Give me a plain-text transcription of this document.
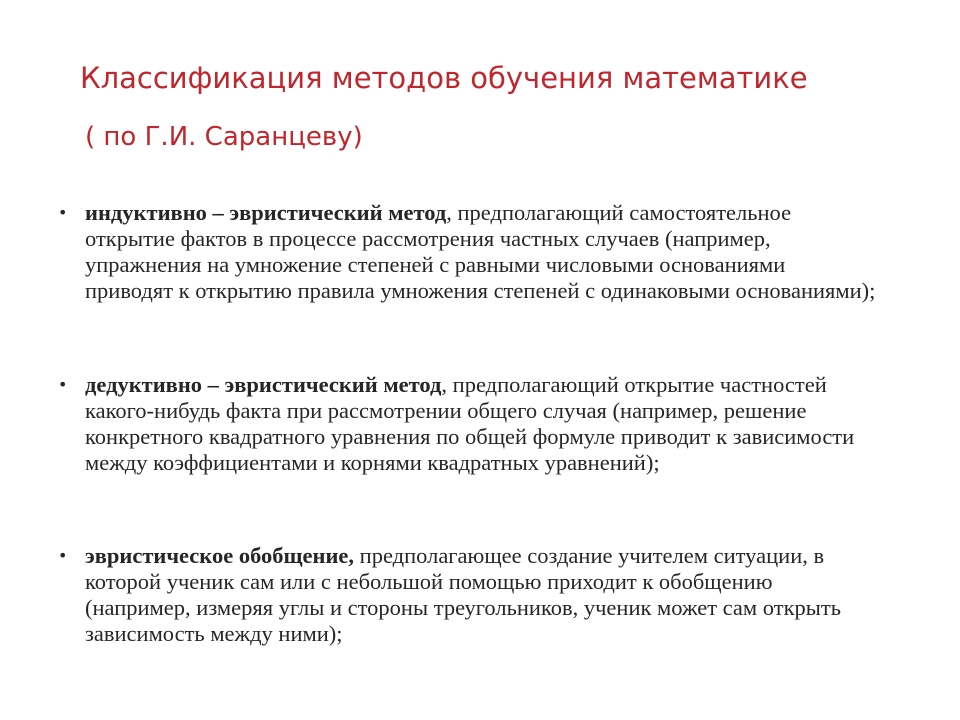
Классификация методов обучения математике
( по Г.И. Саранцеву)
• индуктивно – эвристический метод, предполагающий самостоятельное открытие фактов в процессе рассмотрения частных случаев (например, упражнения на умножение степеней с равными числовыми основаниями приводят к открытию правила умножения степеней с одинаковыми основаниями);
• дедуктивно – эвристический метод, предполагающий открытие частностей какого-нибудь факта при рассмотрении общего случая (например, решение конкретного квадратного уравнения по общей формуле приводит к зависимости между коэффициентами и корнями квадратных уравнений);
• эвристическое обобщение, предполагающее создание учителем ситуации, в которой ученик сам или с небольшой помощью приходит к обобщению (например, измеряя углы и стороны треугольников, ученик может сам открыть зависимость между ними);
